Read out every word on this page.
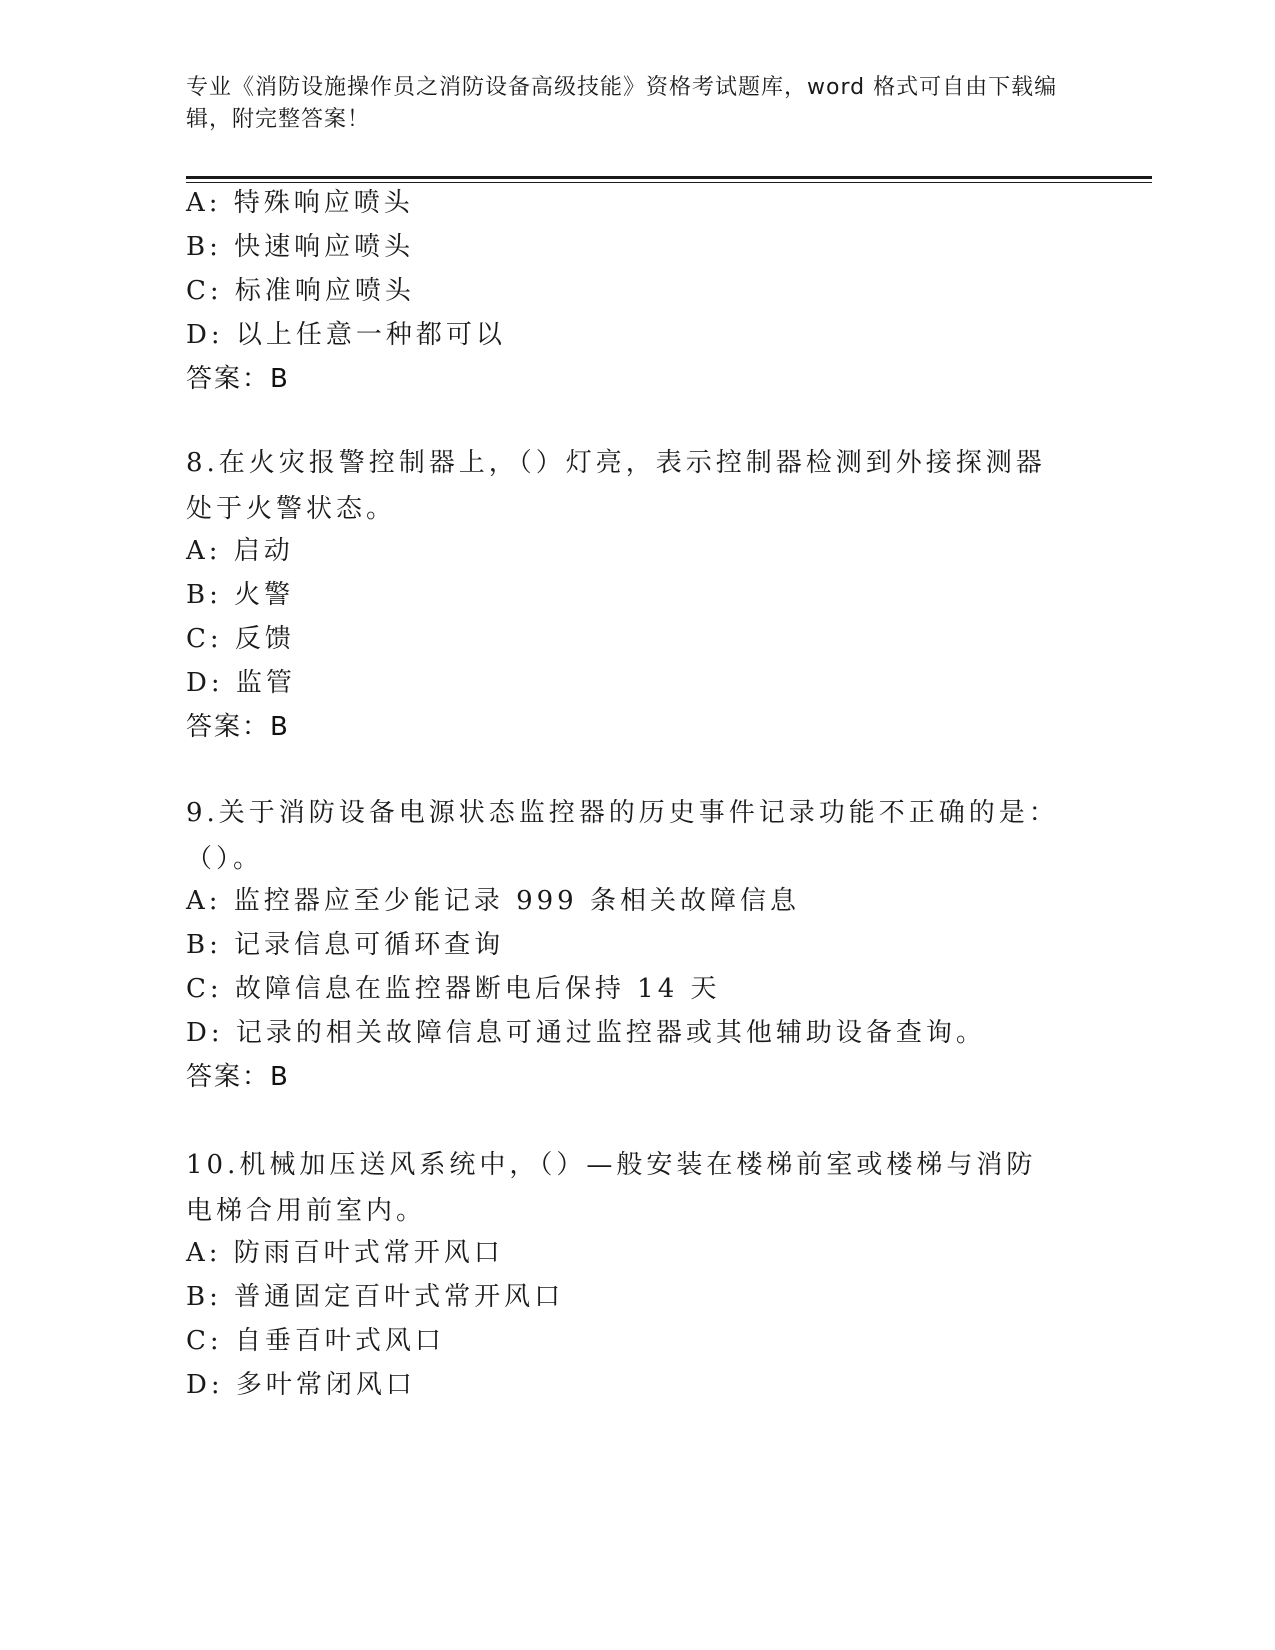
专业《消防设施操作员之消防设备高级技能》资格考试题库，word 格式可自由下载编辑，附完整答案！
A: 特殊响应喷头
B: 快速响应喷头
C: 标准响应喷头
D: 以上任意一种都可以
答案：B
8.在火灾报警控制器上，（）灯亮，表示控制器检测到外接探测器处于火警状态。
A: 启动
B: 火警
C: 反馈
D: 监管
答案：B
9.关于消防设备电源状态监控器的历史事件记录功能不正确的是：（）。
A: 监控器应至少能记录 999 条相关故障信息
B: 记录信息可循环查询
C: 故障信息在监控器断电后保持 14 天
D: 记录的相关故障信息可通过监控器或其他辅助设备查询。
答案：B
10.机械加压送风系统中，（）—般安装在楼梯前室或楼梯与消防电梯合用前室内。
A: 防雨百叶式常开风口
B: 普通固定百叶式常开风口
C: 自垂百叶式风口
D: 多叶常闭风口
